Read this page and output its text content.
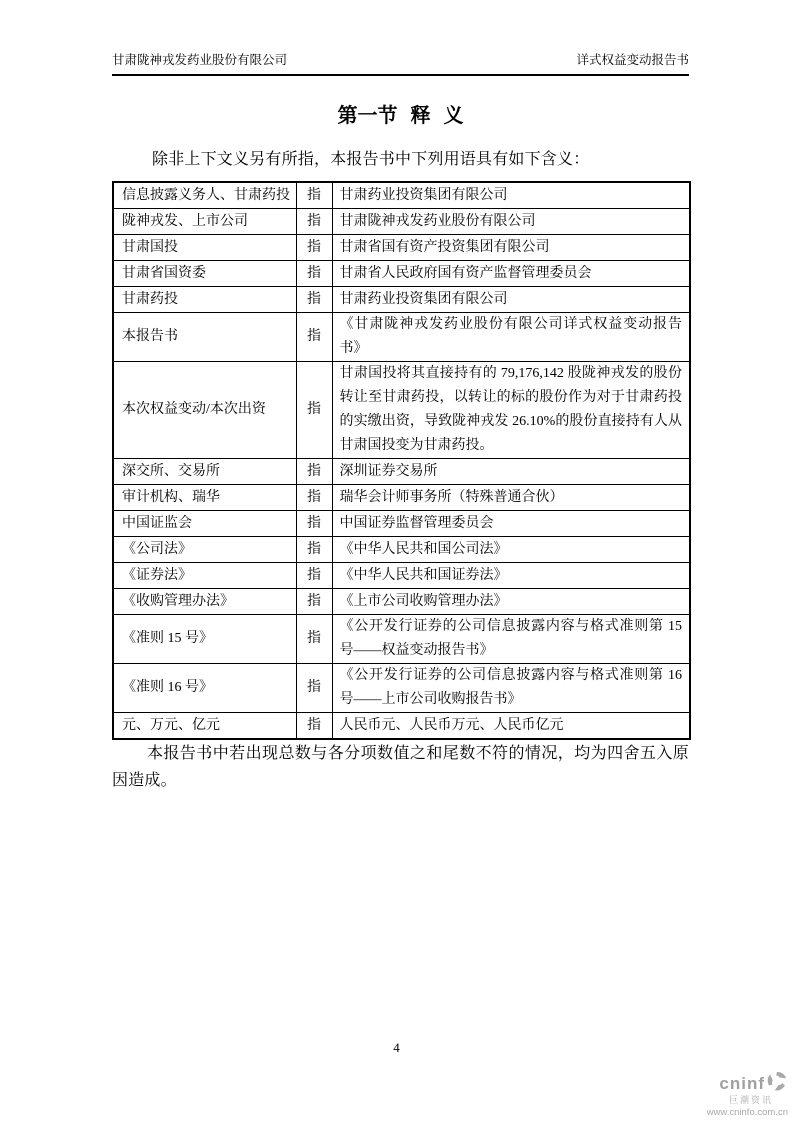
甘肃陇神戎发药业股份有限公司	详式权益变动报告书
第一节 释 义
除非上下文义另有所指，本报告书中下列用语具有如下含义：
信息披露义务人、甘肃药投	指	甘肃药业投资集团有限公司
陇神戎发、上市公司	指	甘肃陇神戎发药业股份有限公司
甘肃国投	指	甘肃省国有资产投资集团有限公司
甘肃省国资委	指	甘肃省人民政府国有资产监督管理委员会
甘肃药投	指	甘肃药业投资集团有限公司
本报告书	指	《甘肃陇神戎发药业股份有限公司详式权益变动报告书》
本次权益变动/本次出资	指	甘肃国投将其直接持有的 79,176,142 股陇神戎发的股份转让至甘肃药投，以转让的标的股份作为对于甘肃药投的实缴出资，导致陇神戎发 26.10%的股份直接持有人从甘肃国投变为甘肃药投。
深交所、交易所	指	深圳证券交易所
审计机构、瑞华	指	瑞华会计师事务所（特殊普通合伙）
中国证监会	指	中国证券监督管理委员会
《公司法》	指	《中华人民共和国公司法》
《证券法》	指	《中华人民共和国证券法》
《收购管理办法》	指	《上市公司收购管理办法》
《准则 15 号》	指	《公开发行证券的公司信息披露内容与格式准则第 15 号——权益变动报告书》
《准则 16 号》	指	《公开发行证券的公司信息披露内容与格式准则第 16 号——上市公司收购报告书》
元、万元、亿元	指	人民币元、人民币万元、人民币亿元
本报告书中若出现总数与各分项数值之和尾数不符的情况，均为四舍五入原因造成。
4
cninf
巨潮资讯
www.cninfo.com.cn
